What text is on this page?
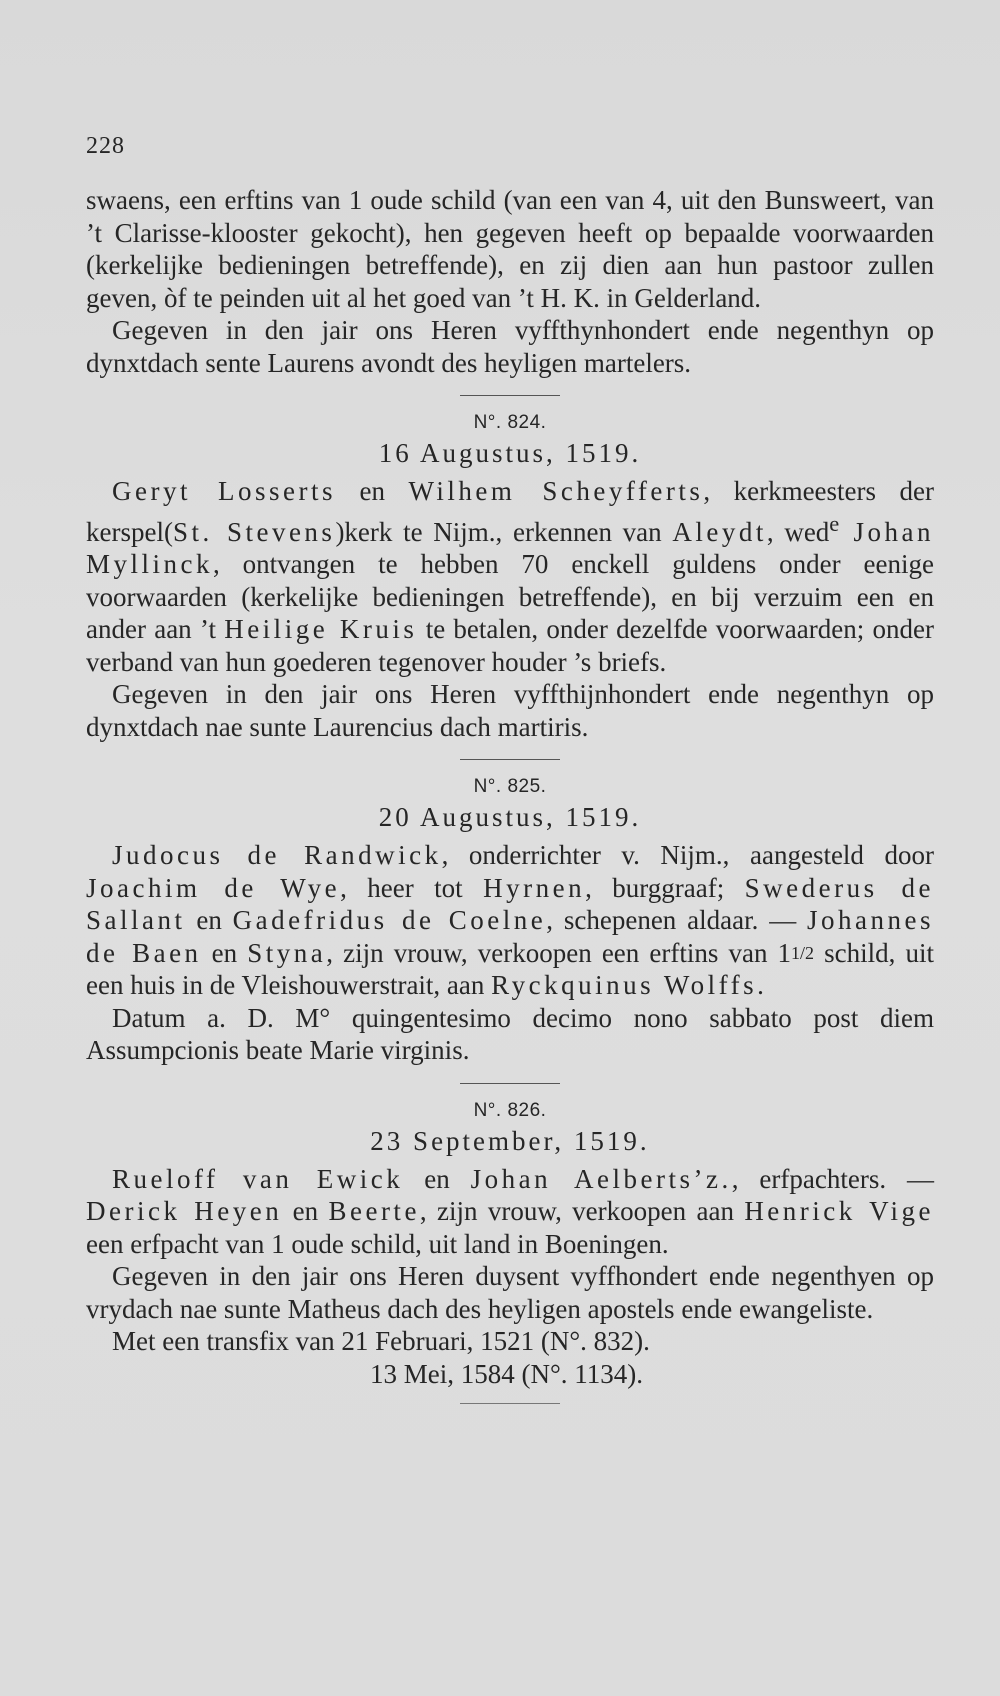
228

swaens, een erftins van 1 oude schild (van een van 4, uit den Bunsweert, van ’t Clarisse-klooster gekocht), hen gegeven heeft op bepaalde voorwaarden (kerkelijke bedieningen betreffende), en zij dien aan hun pastoor zullen geven, òf te peinden uit al het goed van ’t H. K. in Gelderland.

Gegeven in den jair ons Heren vyffthynhondert ende negenthyn op dynxtdach sente Laurens avondt des heyligen martelers.

N°. 824.
16 Augustus, 1519.

Geryt Losserts en Wilhem Scheyfferts, kerkmeesters der kerspel(St. Stevens)kerk te Nijm., erkennen van Aleydt, wed$^e$ Johan Myllinck, ontvangen te hebben 70 enckell guldens onder eenige voorwaarden (kerkelijke bedieningen betreffende), en bij verzuim een en ander aan ’t Heilige Kruis te betalen, onder dezelfde voorwaarden; onder verband van hun goederen tegenover houder ’s briefs.

Gegeven in den jair ons Heren vyffthijnhondert ende negenthyn op dynxtdach nae sunte Laurencius dach martiris.

N°. 825.
20 Augustus, 1519.

Judocus de Randwick, onderrichter v. Nijm., aangesteld door Joachim de Wye, heer tot Hyrnen, burggraaf; Swederus de Sallant en Gadefridus de Coelne, schepenen aldaar. — Johannes de Baen en Styna, zijn vrouw, verkoopen een erftins van 11/2 schild, uit een huis in de Vleishouwerstrait, aan Ryckquinus Wolffs.

Datum a. D. M° quingentesimo decimo nono sabbato post diem Assumpcionis beate Marie virginis.

N°. 826.
23 September, 1519.

Rueloff van Ewick en Johan Aelberts’z., erfpachters. — Derick Heyen en Beerte, zijn vrouw, verkoopen aan Henrick Vige een erfpacht van 1 oude schild, uit land in Boeningen.

Gegeven in den jair ons Heren duysent vyffhondert ende negenthyen op vrydach nae sunte Matheus dach des heyligen apostels ende ewangeliste.

Met een transfix van 21 Februari, 1521 (N°. 832).
13 Mei, 1584 (N°. 1134).
